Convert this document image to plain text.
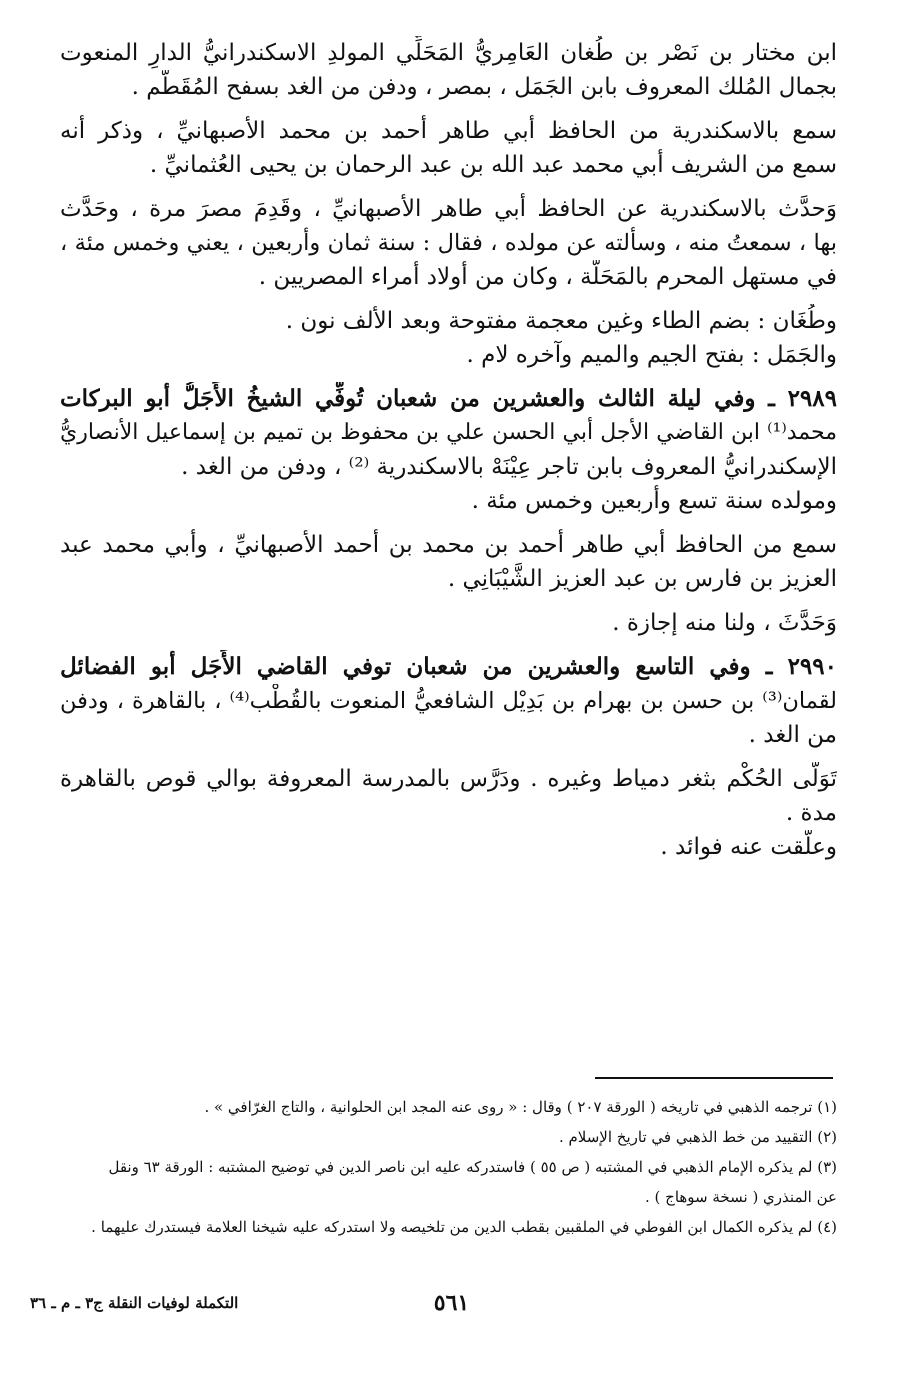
ابن مختار بن نَصْر بن طُغان العَامِريُّ المَحَلِّي المولدِ الاسكندرانيُّ الدارِ المنعوت
بجمال المُلك المعروف بابن الجَمَل ، بمصر ، ودفن من الغد بسفح المُقَطَّم .
سمع بالاسكندرية من الحافظ أبي طاهر أحمد بن محمد الأصبهانيِّ ، وذكر أنه
سمع من الشريف أبي محمد عبد الله بن عبد الرحمان بن يحيى العُثمانيِّ .
وَحدَّث بالاسكندرية عن الحافظ أبي طاهر الأصبهانيِّ ، وقَدِمَ مصرَ مرة ، وحَدَّث
بها ، سمعتُ منه ، وسألته عن مولده ، فقال : سنة ثمان وأربعين ، يعني وخمس مئة ،
في مستهل المحرم بالمَحَلَّة ، وكان من أولاد أمراء المصريين .
وطُغَان : بضم الطاء وغين معجمة مفتوحة وبعد الألف نون .
والجَمَل : بفتح الجيم والميم وآخره لام .
٢٩٨٩ ـ وفي ليلة الثالث والعشرين من شعبان تُوفِّي الشيخُ الأَجَلُّ أبو البركات
محمد⁽¹⁾ ابن القاضي الأجل أبي الحسن علي بن محفوظ بن تميم بن إسماعيل الأنصاريُّ
الإسكندرانيُّ المعروف بابن تاجر عِيْنَهْ بالاسكندرية ⁽²⁾ ، ودفن من الغد .
ومولده سنة تسع وأربعين وخمس مئة .
سمع من الحافظ أبي طاهر أحمد بن محمد بن أحمد الأصبهانيِّ ، وأبي محمد عبد
العزيز بن فارس بن عبد العزيز الشَّيْبَانِي .
وَحَدَّثَ ، ولنا منه إجازة .
٢٩٩٠ ـ وفي التاسع والعشرين من شعبان توفي القاضي الأَجَل أبو الفضائل
لقمان⁽³⁾ بن حسن بن بهرام بن بَدِيْل الشافعيُّ المنعوت بالقُطْب⁽⁴⁾ ، بالقاهرة ، ودفن
من الغد .
تَوَلَّى الحُكْم بثغر دمياط وغيره . ودَرَّس بالمدرسة المعروفة بوالي قوص بالقاهرة
مدة .
وعلّقت عنه فوائد .
(١) ترجمه الذهبي في تاريخه ( الورقة ٢٠٧ ) وقال : « روى عنه المجد ابن الحلوانية ، والتاج الغرّافي » .
(٢) التقييد من خط الذهبي في تاريخ الإسلام .
(٣) لم يذكره الإمام الذهبي في المشتبه ( ص ٥٥ ) فاستدركه عليه ابن ناصر الدين في توضيح المشتبه : الورقة ٦٣ ونقل
عن المنذري ( نسخة سوهاج ) .
(٤) لم يذكره الكمال ابن الفوطي في الملقبين بقطب الدين من تلخيصه ولا استدركه عليه شيخنا العلامة فيستدرك عليهما .
٥٦١
التكملة لوفيات النقلة ج٣ ـ م ـ ٣٦
